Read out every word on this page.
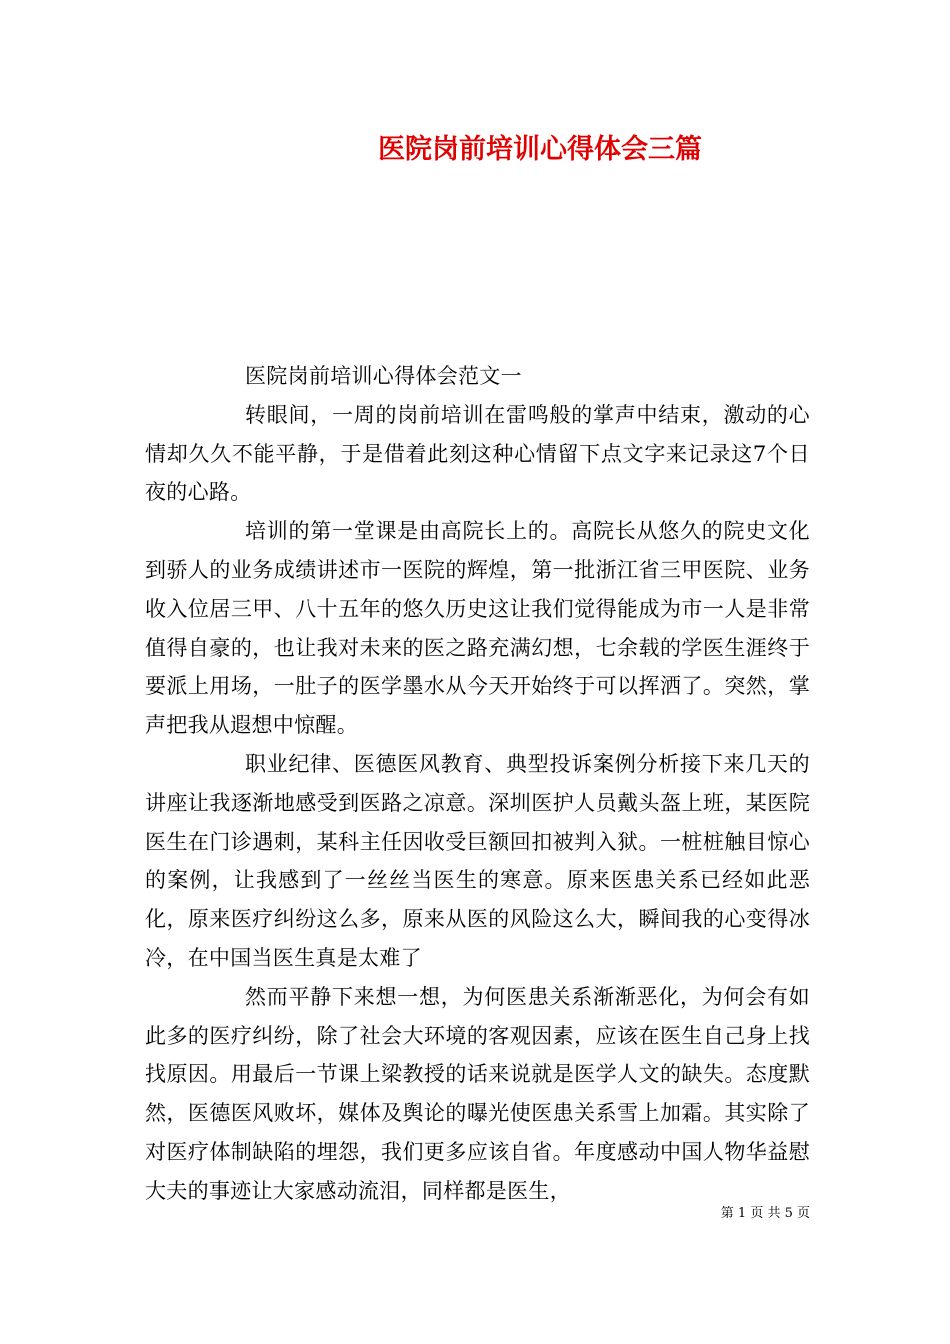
医院岗前培训心得体会三篇

医院岗前培训心得体会范文一

转眼间，一周的岗前培训在雷鸣般的掌声中结束，激动的心情却久久不能平静，于是借着此刻这种心情留下点文字来记录这7个日夜的心路。

培训的第一堂课是由高院长上的。高院长从悠久的院史文化到骄人的业务成绩讲述市一医院的辉煌，第一批浙江省三甲医院、业务收入位居三甲、八十五年的悠久历史这让我们觉得能成为市一人是非常值得自豪的，也让我对未来的医之路充满幻想，七余载的学医生涯终于要派上用场，一肚子的医学墨水从今天开始终于可以挥洒了。突然，掌声把我从遐想中惊醒。

职业纪律、医德医风教育、典型投诉案例分析接下来几天的讲座让我逐渐地感受到医路之凉意。深圳医护人员戴头盔上班，某医院医生在门诊遇刺，某科主任因收受巨额回扣被判入狱。一桩桩触目惊心的案例，让我感到了一丝丝当医生的寒意。原来医患关系已经如此恶化，原来医疗纠纷这么多，原来从医的风险这么大，瞬间我的心变得冰冷，在中国当医生真是太难了

然而平静下来想一想，为何医患关系渐渐恶化，为何会有如此多的医疗纠纷，除了社会大环境的客观因素，应该在医生自己身上找找原因。用最后一节课上梁教授的话来说就是医学人文的缺失。态度默然，医德医风败坏，媒体及舆论的曝光使医患关系雪上加霜。其实除了对医疗体制缺陷的埋怨，我们更多应该自省。年度感动中国人物华益慰大夫的事迹让大家感动流泪，同样都是医生，

第 1 页 共 5 页
